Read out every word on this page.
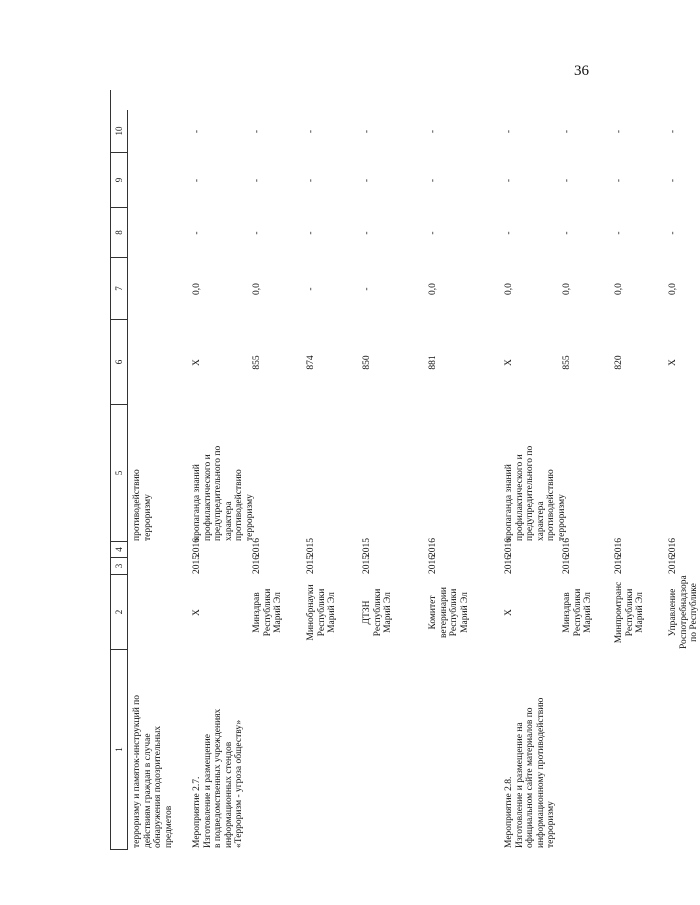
36
1
2
3
4
5
6
7
8
9
10
терроризму и памяток-инструкций по
действиям граждан в случае
обнаружения подозрительных
предметов
противодействию
терроризму
Мероприятие 2.7.
Изготовление и размещение
в подведомственных учреждениях
информационных стендов
«Терроризм - угроза обществу»
Х
2015
2016
пропаганда знаний
профилактического и
предупредительного по
характера
противодействию
терроризму
Х
0,0
-
-
-
Минздрав
Республики
Марий Эл
2016
2016
855
0,0
-
-
-
Минобрнауки
Республики
Марий Эл
2015
2015
874
-
-
-
-
ДТЗН
Республики
Марий Эл
2015
2015
850
-
-
-
-
Комитет
ветеринарии
Республики
Марий Эл
2016
2016
881
0,0
-
-
-
Мероприятие 2.8.
Изготовление и размещение на
официальном сайте материалов по
информационному противодействию
терроризму
Х
2016
2016
пропаганда знаний
профилактического и
предупредительного по
характера
противодействию
терроризму
Х
0,0
-
-
-
Минздрав
Республики
Марий Эл
2016
2016
855
0,0
-
-
-
Минпромтранс
Республики
Марий Эл
2016
2016
820
0,0
-
-
-
Управление
Роспотребнадзора
по Республике
2016
2016
Х
0,0
-
-
-
